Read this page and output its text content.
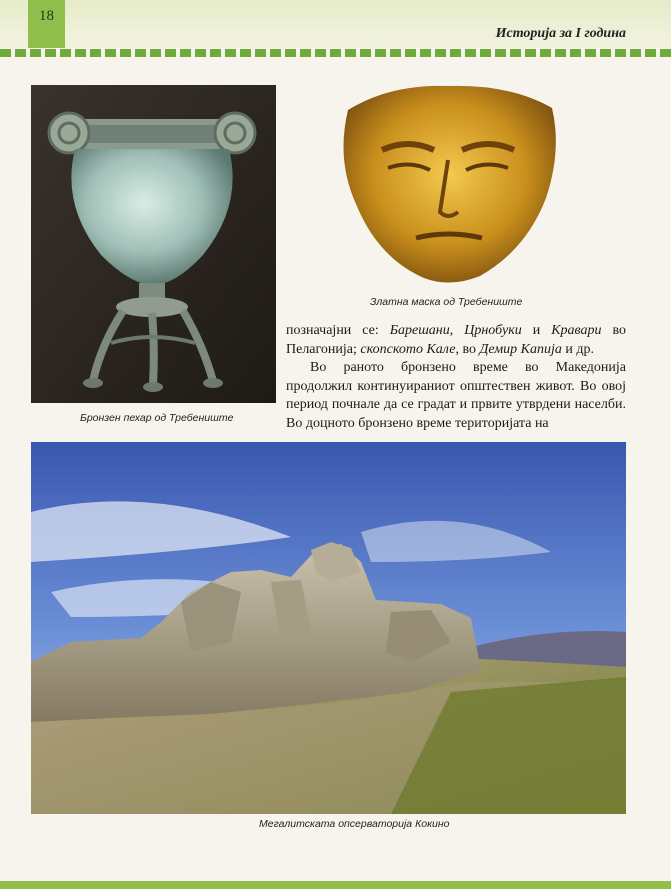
18
Историја за I година
Бронзен пехар од Требениште
Златна маска од Требениште

позначајни се: Барешани, Црнобуки и Кравари во Пелагонија; скопското Кале, во Демир Капија и др.

Во раното бронзено време во Македонија продолжил континуираниот општествен живот. Во овој период почнале да се градат и првите утврдени населби. Во доцното бронзено време територијата на

Мегалитската опсерваторија Кокино
